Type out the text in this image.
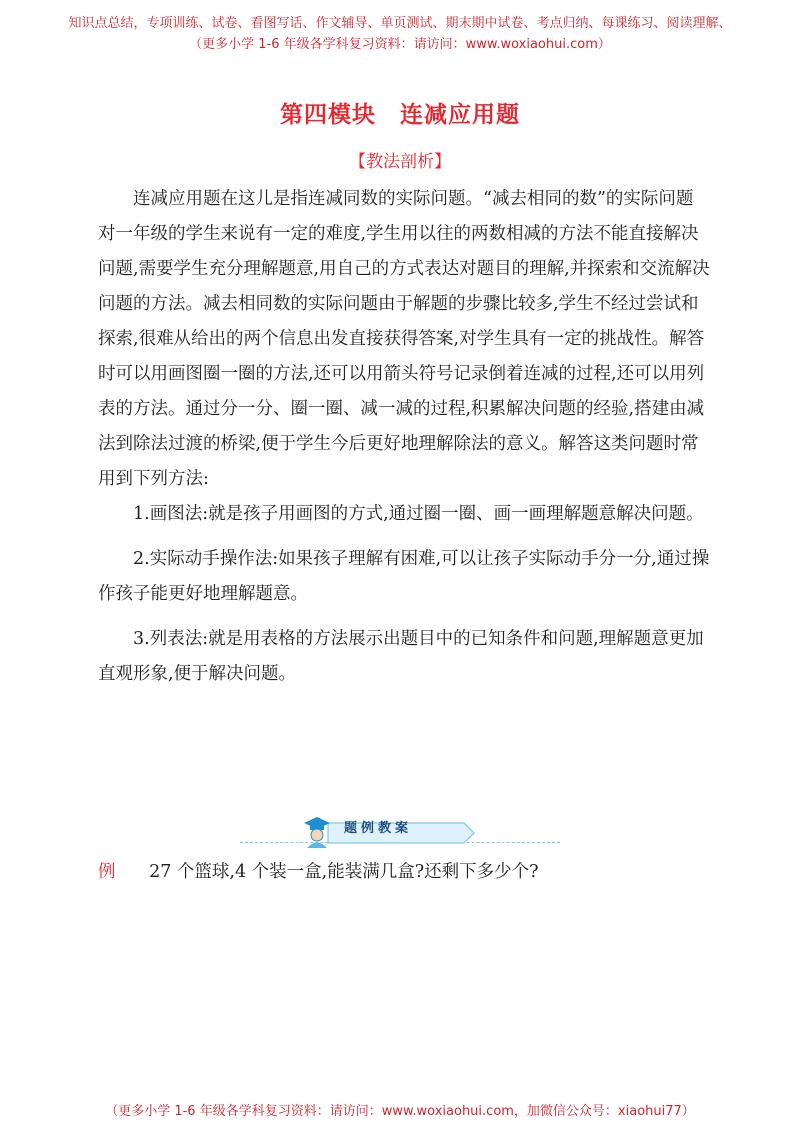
知识点总结，专项训练、试卷、看图写话、作文辅导、单页测试、期末期中试卷、考点归纳、每课练习、阅读理解、
（更多小学 1-6 年级各学科复习资料：请访问：www.woxiaohui.com）
第四模块　连减应用题
【教法剖析】

连减应用题在这儿是指连减同数的实际问题。“减去相同的数”的实际问题对一年级的学生来说有一定的难度,学生用以往的两数相减的方法不能直接解决问题,需要学生充分理解题意,用自己的方式表达对题目的理解,并探索和交流解决问题的方法。减去相同数的实际问题由于解题的步骤比较多,学生不经过尝试和探索,很难从给出的两个信息出发直接获得答案,对学生具有一定的挑战性。解答时可以用画图圈一圈的方法,还可以用箭头符号记录倒着连减的过程,还可以用列表的方法。通过分一分、圈一圈、减一减的过程,积累解决问题的经验,搭建由减法到除法过渡的桥梁,便于学生今后更好地理解除法的意义。解答这类问题时常用到下列方法:

1.画图法:就是孩子用画图的方式,通过圈一圈、画一画理解题意解决问题。

2.实际动手操作法:如果孩子理解有困难,可以让孩子实际动手分一分,通过操作孩子能更好地理解题意。

3.列表法:就是用表格的方法展示出题目中的已知条件和问题,理解题意更加直观形象,便于解决问题。

题例教案
例 27 个篮球,4 个装一盒,能装满几盒?还剩下多少个?
（更多小学 1-6 年级各学科复习资料：请访问：www.woxiaohui.com，加微信公众号：xiaohui77）
